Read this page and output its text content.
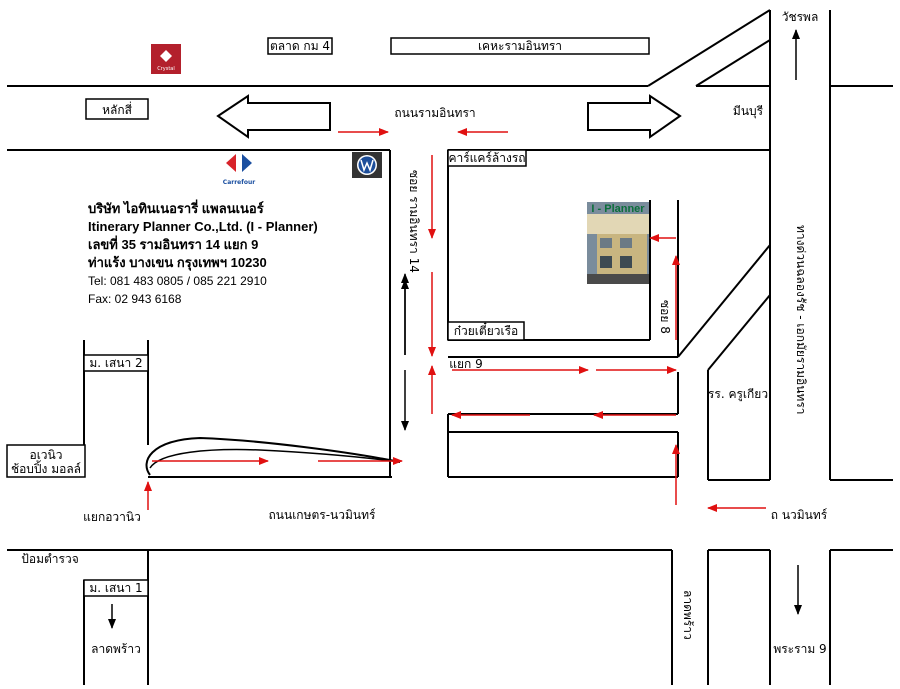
Crystal
Carrefour
I - Planner
ตลาด กม 4	เคหะรามอินทรา
หลักสี่	ถนนรามอินทรา	มีนบุรี
วัชรพล
คาร์แคร์ล้างรถ
ก๋วยเตี๋ยวเรือ
แยก 9
ม. เสนา 2
อเวนิว
ช้อบปิ้ง มอลล์
แยกอวานิว	ถนนเกษตร-นวมินทร์	ถ นวมินทร์
รร. ครูเกียว
ป้อมตำรวจ
ม. เสนา 1
ลาดพร้าว	พระราม 9
ซอย รามอินทรา 14
ซอย 8	ทางด่วนฉลองรัช - เอกมัยรามอินทรา
ลาดพร้าว
บริษัท ไอทินเนอรารี่ แพลนเนอร์
Itinerary Planner Co.,Ltd. (I - Planner)
เลขที่ 35 รามอินทรา 14 แยก 9
ท่าแร้ง บางเขน กรุงเทพฯ 10230
Tel: 081 483 0805 / 085 221 2910
Fax: 02 943 6168
